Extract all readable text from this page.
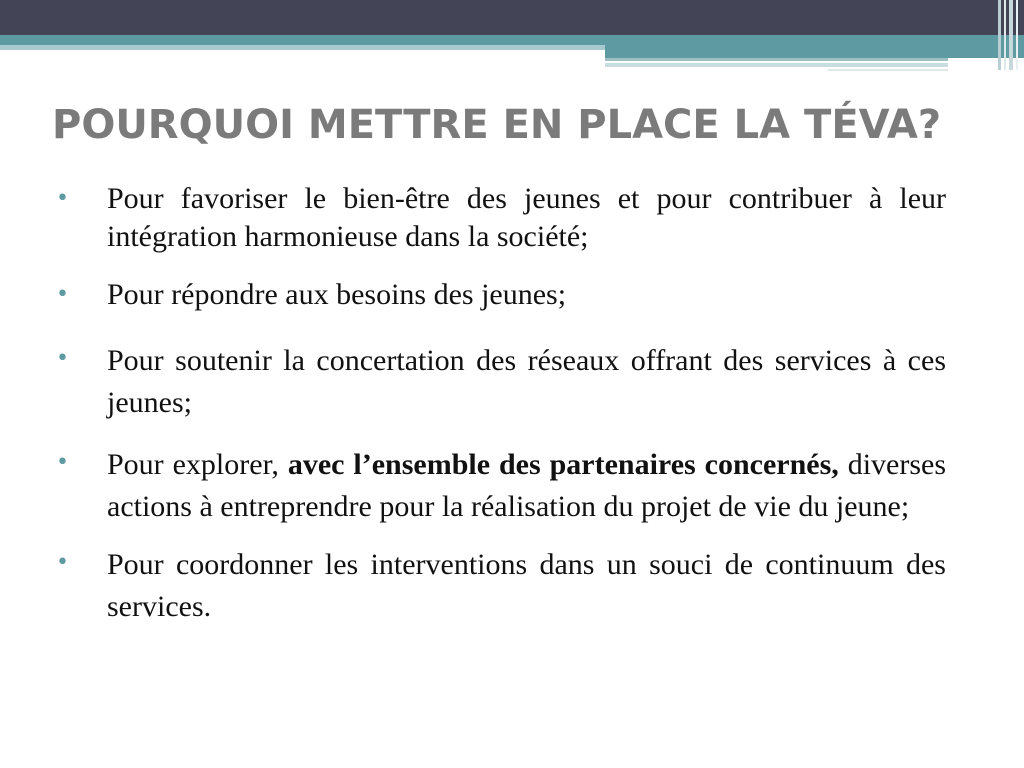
POURQUOI METTRE EN PLACE LA TÉVA?
• Pour favoriser le bien-être des jeunes et pour contribuer à leur intégration harmonieuse dans la société;
• Pour répondre aux besoins des jeunes;
• Pour soutenir la concertation des réseaux offrant des services à ces jeunes;
• Pour explorer, avec l’ensemble des partenaires concernés, diverses actions à entreprendre pour la réalisation du projet de vie du jeune;
• Pour coordonner les interventions dans un souci de continuum des services.
